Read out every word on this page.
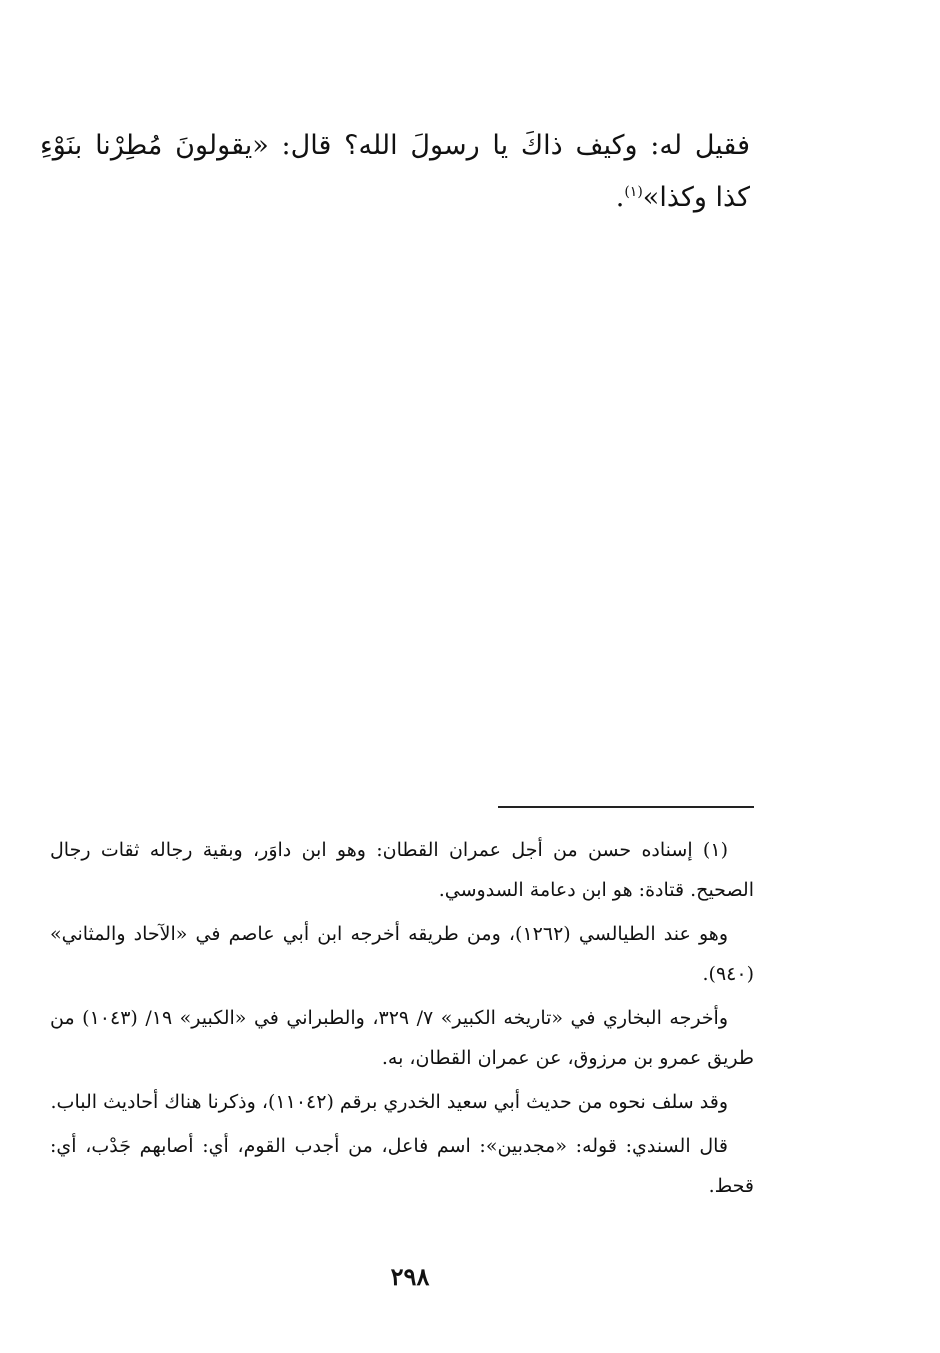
فقيل له: وكيف ذاكَ يا رسولَ الله؟ قال: «يقولونَ مُطِرْنا بنَوْءِ كذا وكذا»$^{(١)}$.

(١) إسناده حسن من أجل عمران القطان: وهو ابن داوَر، وبقية رجاله ثقات رجال الصحيح. قتادة: هو ابن دعامة السدوسي.

وهو عند الطيالسي (١٢٦٢)، ومن طريقه أخرجه ابن أبي عاصم في «الآحاد والمثاني» (٩٤٠).

وأخرجه البخاري في «تاريخه الكبير» ٧/ ٣٢٩، والطبراني في «الكبير» ١٩/ (١٠٤٣) من طريق عمرو بن مرزوق، عن عمران القطان، به.

وقد سلف نحوه من حديث أبي سعيد الخدري برقم (١١٠٤٢)، وذكرنا هناك أحاديث الباب.

قال السندي: قوله: «مجدبين»: اسم فاعل، من أجدب القوم، أي: أصابهم جَدْب، أي: قحط.

٢٩٨
